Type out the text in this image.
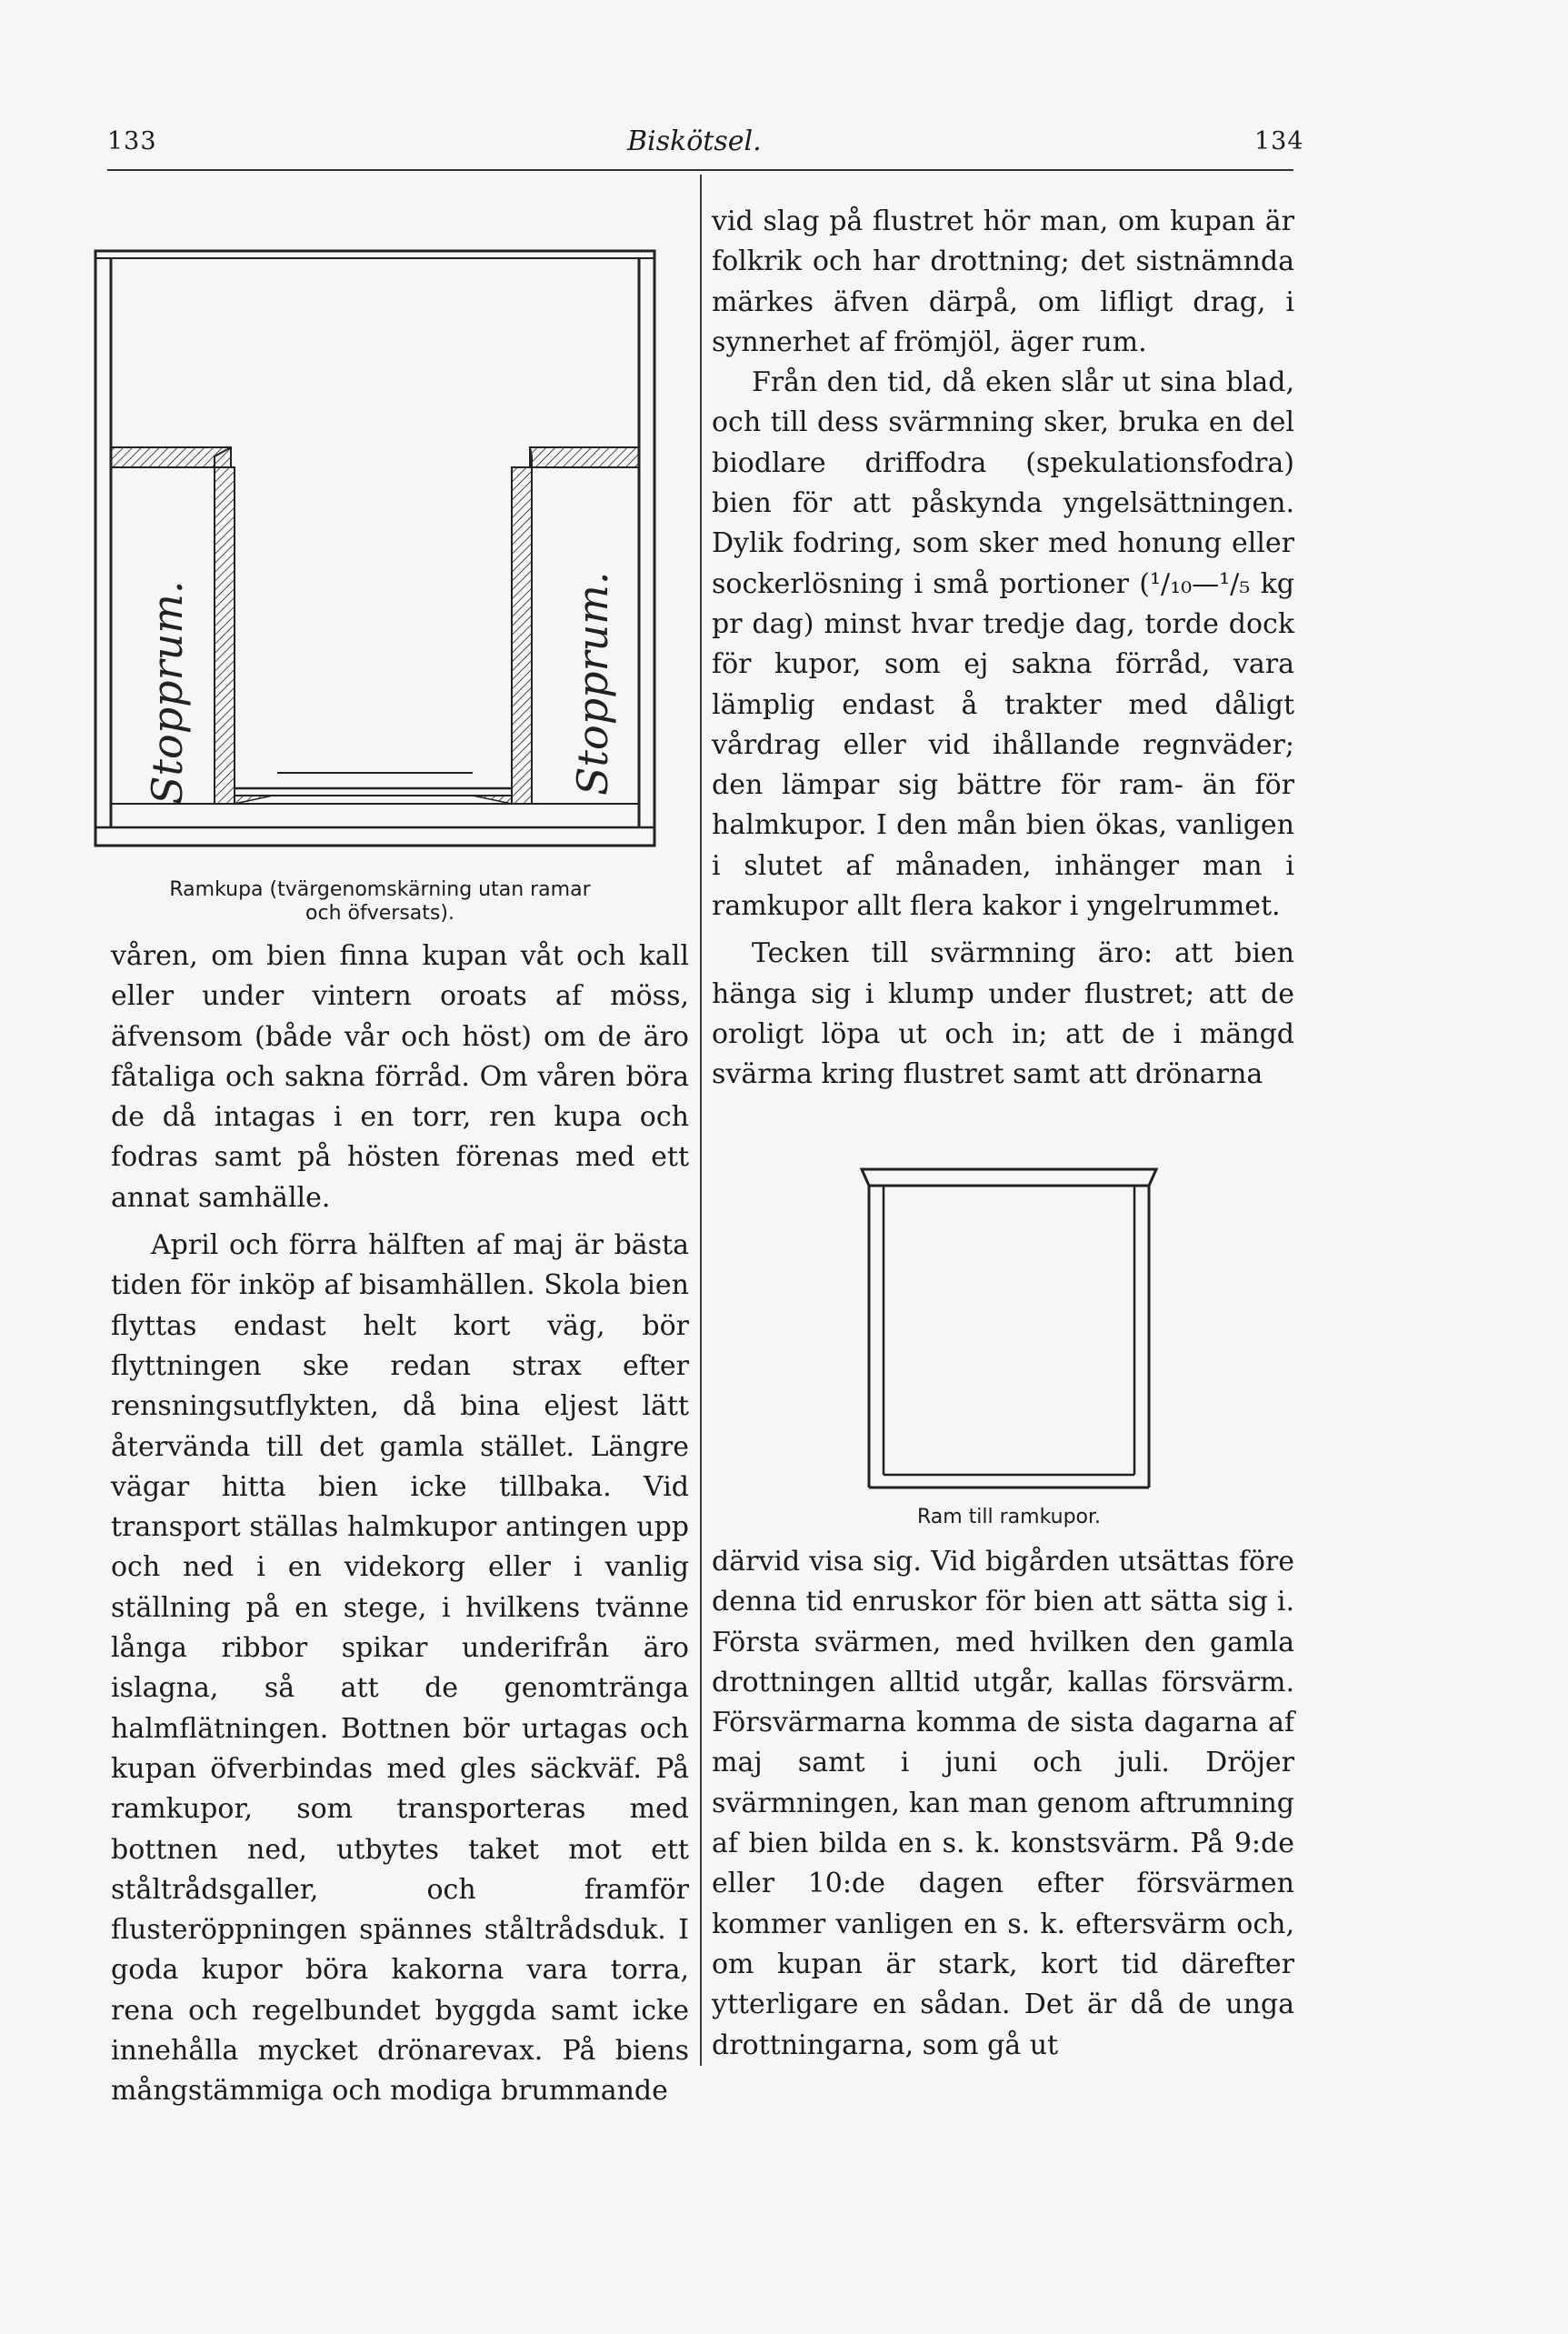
133	Biskötsel.	134
Stopprum.	Stopprum.
Ramkupa (tvärgenomskärning utan ramar
och öfversats).

våren, om bien finna kupan våt och kall eller under vintern oroats af möss, äfvensom (både vår och höst) om de äro fåtaliga och sakna förråd. Om våren böra de då intagas i en torr, ren kupa och fodras samt på hösten förenas med ett annat samhälle.

April och förra hälften af maj är bästa tiden för inköp af bisamhällen. Skola bien flyttas endast helt kort väg, bör flyttningen ske redan strax efter rensningsutflykten, då bina eljest lätt återvända till det gamla stället. Längre vägar hitta bien icke tillbaka. Vid transport ställas halmkupor antingen upp och ned i en videkorg eller i vanlig ställning på en stege, i hvilkens tvänne långa ribbor spikar underifrån äro islagna, så att de genomtränga halmflätningen. Bottnen bör urtagas och kupan öfverbindas med gles säckväf. På ramkupor, som transporteras med bottnen ned, utbytes taket mot ett ståltrådsgaller, och framför flusteröppningen spännes ståltrådsduk. I goda kupor böra kakorna vara torra, rena och regelbundet byggda samt icke innehålla mycket drönarevax. På biens mångstämmiga och modiga brummande

vid slag på flustret hör man, om kupan är folkrik och har drottning; det sistnämnda märkes äfven därpå, om lifligt drag, i synnerhet af frömjöl, äger rum.

Från den tid, då eken slår ut sina blad, och till dess svärmning sker, bruka en del biodlare driffodra (spekulationsfodra) bien för att påskynda yngelsättningen. Dylik fodring, som sker med honung eller sockerlösning i små portioner (¹/₁₀—¹/₅ kg pr dag) minst hvar tredje dag, torde dock för kupor, som ej sakna förråd, vara lämplig endast å trakter med dåligt vårdrag eller vid ihållande regnväder; den lämpar sig bättre för ram- än för halmkupor. I den mån bien ökas, vanligen i slutet af månaden, inhänger man i ramkupor allt flera kakor i yngelrummet.

Tecken till svärmning äro: att bien hänga sig i klump under flustret; att de oroligt löpa ut och in; att de i mängd svärma kring flustret samt att drönarna

Ram till ramkupor.

därvid visa sig. Vid bigården utsättas före denna tid enruskor för bien att sätta sig i. Första svärmen, med hvilken den gamla drottningen alltid utgår, kallas försvärm. Försvärmarna komma de sista dagarna af maj samt i juni och juli. Dröjer svärmningen, kan man genom aftrumning af bien bilda en s. k. konstsvärm. På 9:de eller 10:de dagen efter försvärmen kommer vanligen en s. k. eftersvärm och, om kupan är stark, kort tid därefter ytterligare en sådan. Det är då de unga drottningarna, som gå ut
